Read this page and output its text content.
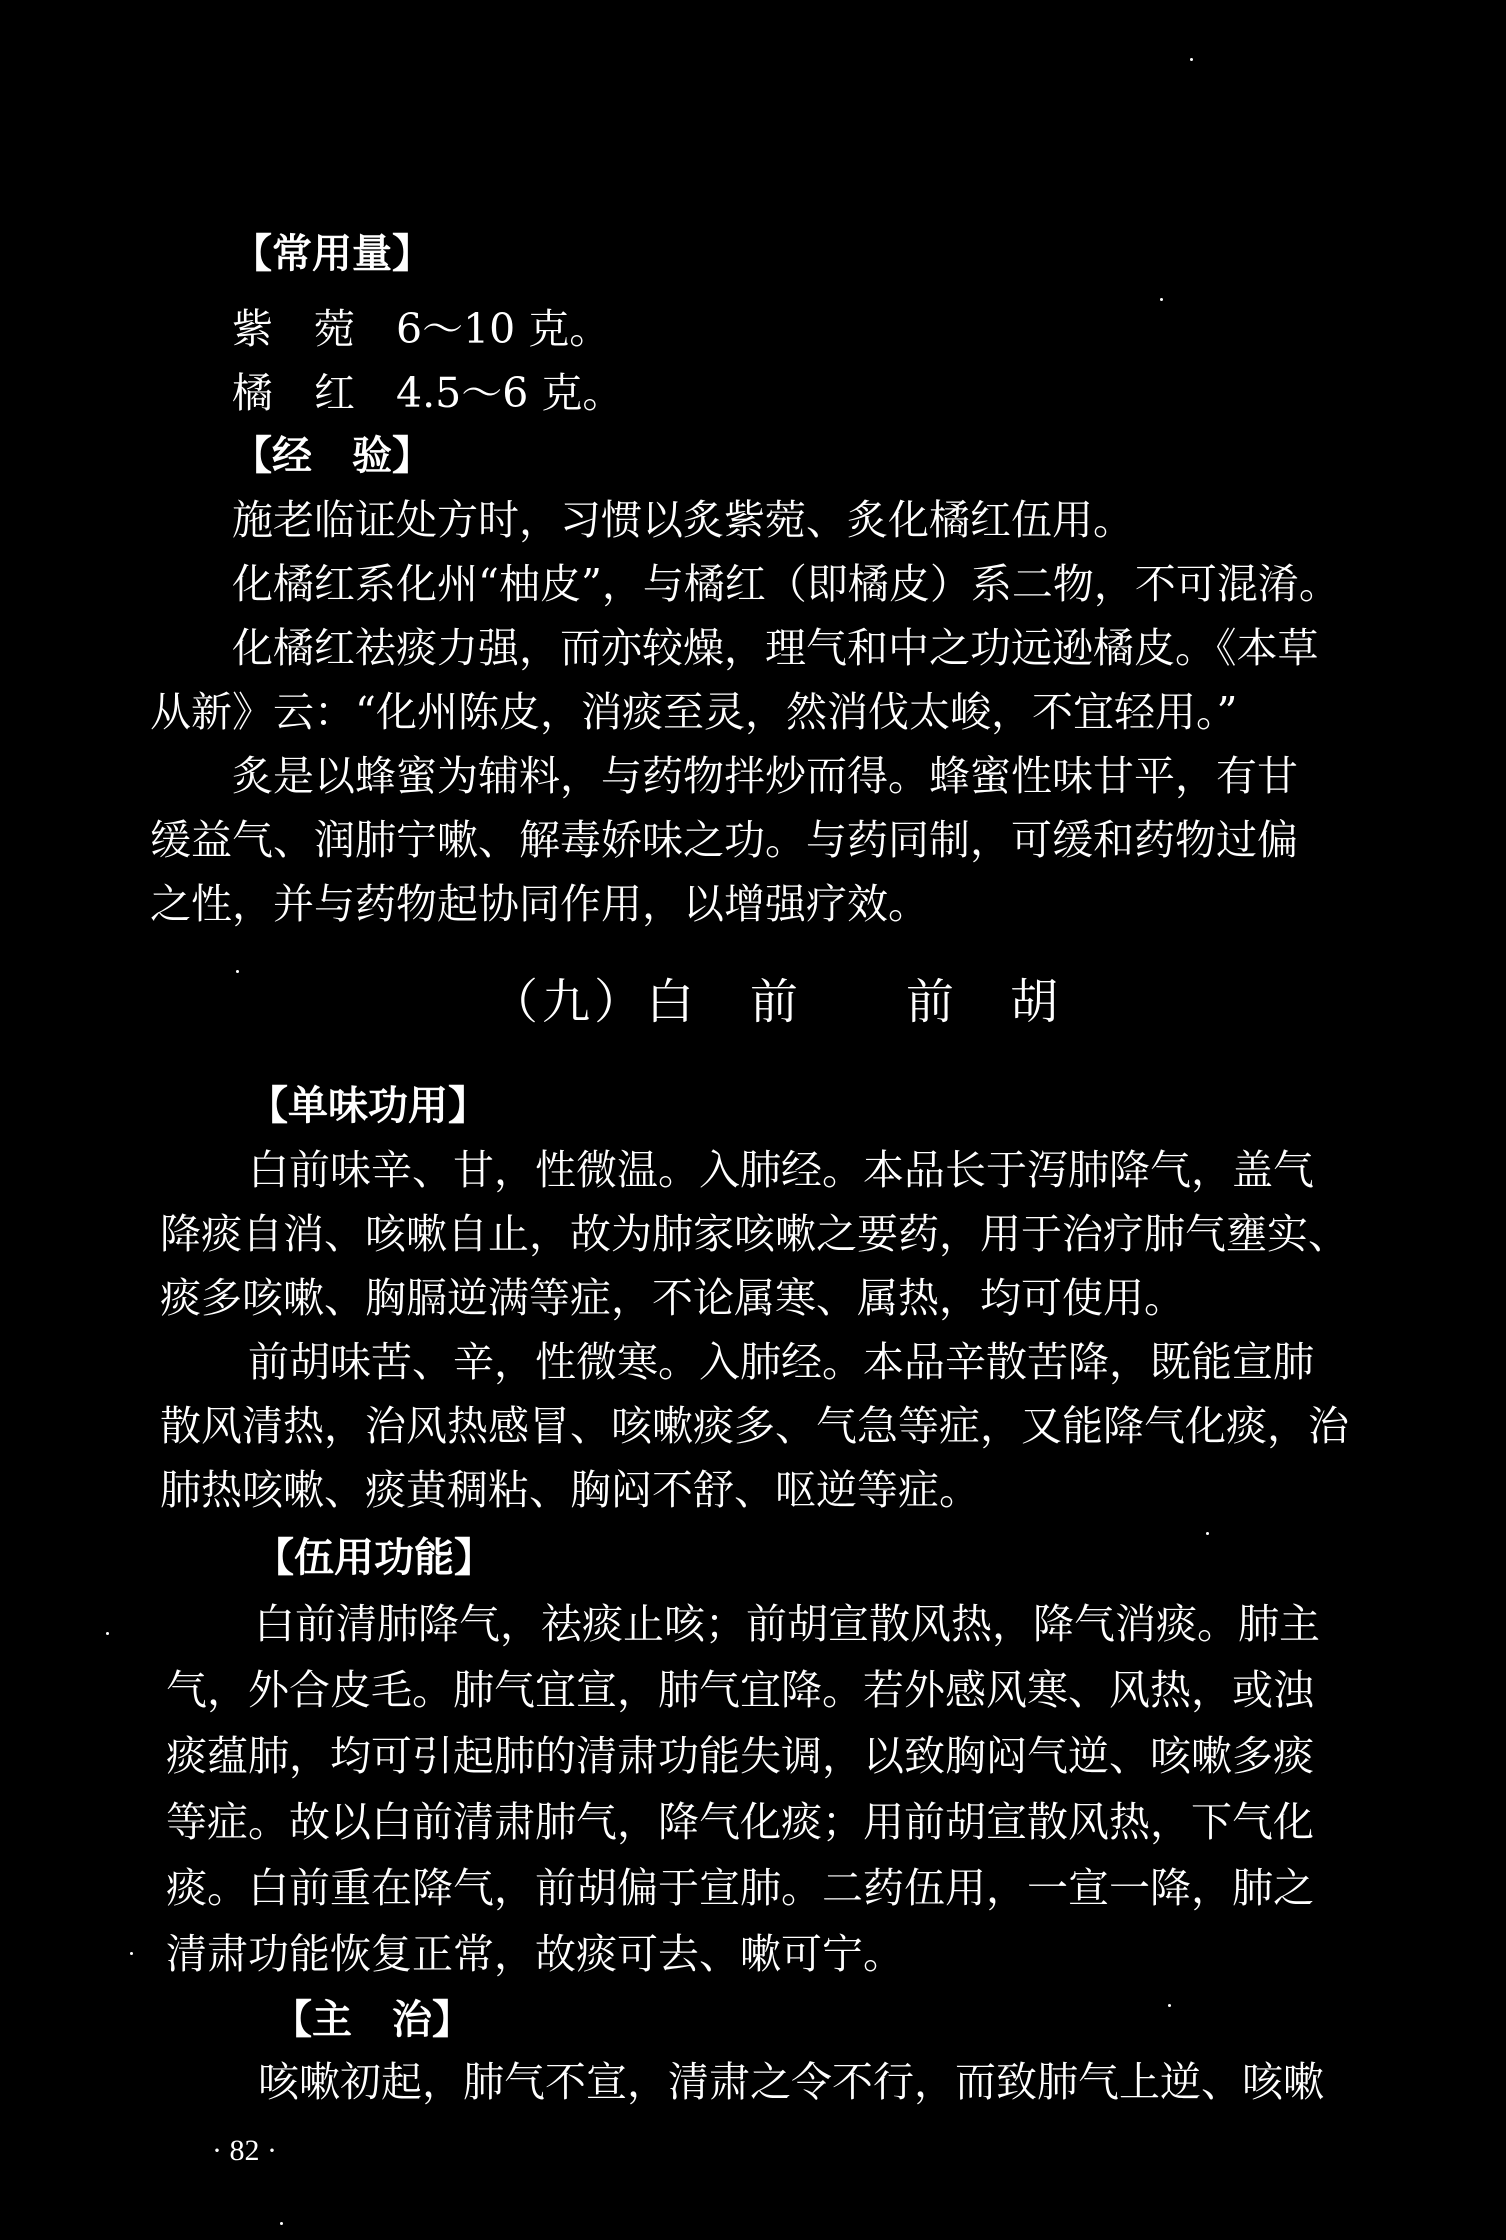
【常用量】
紫　菀　6～10 克。
橘　红　4.5～6 克。
【经　验】
施老临证处方时，习惯以炙紫菀、炙化橘红伍用。
化橘红系化州“柚皮”，与橘红（即橘皮）系二物，不可混淆。
化橘红祛痰力强，而亦较燥，理气和中之功远逊橘皮。《本草
从新》云：“化州陈皮，消痰至灵，然消伐太峻，不宜轻用。”
炙是以蜂蜜为辅料，与药物拌炒而得。蜂蜜性味甘平，有甘
缓益气、润肺宁嗽、解毒娇味之功。与药同制，可缓和药物过偏
之性，并与药物起协同作用，以增强疗效。
（九）白　前　　前　胡
【单味功用】
白前味辛、甘，性微温。入肺经。本品长于泻肺降气，盖气
降痰自消、咳嗽自止，故为肺家咳嗽之要药，用于治疗肺气壅实、
痰多咳嗽、胸膈逆满等症，不论属寒、属热，均可使用。
前胡味苦、辛，性微寒。入肺经。本品辛散苦降，既能宣肺
散风清热，治风热感冒、咳嗽痰多、气急等症，又能降气化痰，治
肺热咳嗽、痰黄稠粘、胸闷不舒、呕逆等症。
【伍用功能】
白前清肺降气，祛痰止咳；前胡宣散风热，降气消痰。肺主
气，外合皮毛。肺气宜宣，肺气宜降。若外感风寒、风热，或浊
痰蕴肺，均可引起肺的清肃功能失调，以致胸闷气逆、咳嗽多痰
等症。故以白前清肃肺气，降气化痰；用前胡宣散风热，下气化
痰。白前重在降气，前胡偏于宣肺。二药伍用，一宣一降，肺之
清肃功能恢复正常，故痰可去、嗽可宁。
【主　治】
咳嗽初起，肺气不宣，清肃之令不行，而致肺气上逆、咳嗽
· 82 ·
